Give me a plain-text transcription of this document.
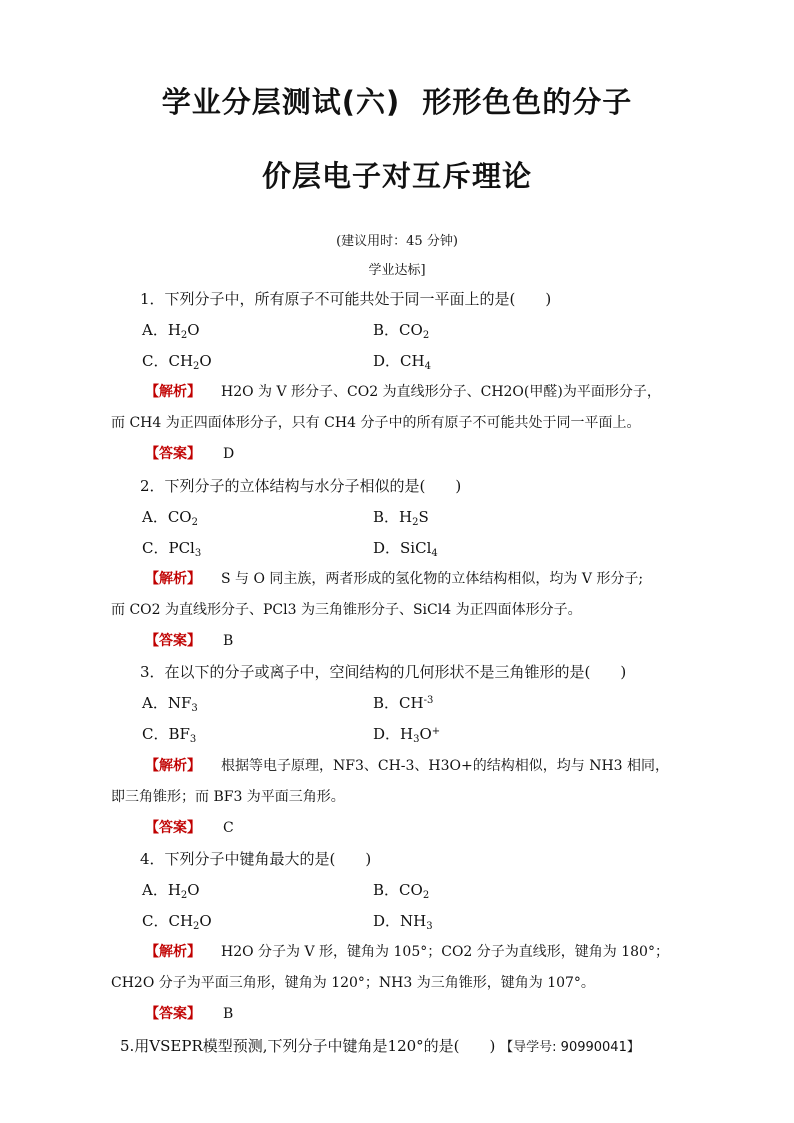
学业分层测试(六) 形形色色的分子
价层电子对互斥理论
(建议用时：45 分钟)
学业达标]
1．下列分子中，所有原子不可能共处于同一平面上的是(　　)
A．$H_2O$	B．$CO_2$
C．$CH_2O$	D．$CH_4$
【解析】 H2O 为 V 形分子、CO2 为直线形分子、CH2O(甲醛)为平面形分子，
而 CH4 为正四面体形分子，只有 CH4 分子中的所有原子不可能共处于同一平面上。
【答案】 D
2．下列分子的立体结构与水分子相似的是(　　)
A．$CO_2$	B．$H_2S$
C．PCl$_3$	D．SiCl$_4$
【解析】 S 与 O 同主族，两者形成的氢化物的立体结构相似，均为 V 形分子;
而 CO2 为直线形分子、PCl3 为三角锥形分子、SiCl4 为正四面体形分子。
【答案】 B
3．在以下的分子或离子中，空间结构的几何形状不是三角锥形的是(　　)
A．$NF_3$	B．$CH^{-3}$
C．$BF_3$	D．$H_3O^+$
【解析】 根据等电子原理，NF3、CH-3、H3O+的结构相似，均与 NH3 相同，
即三角锥形；而 BF3 为平面三角形。
【答案】 C
4．下列分子中键角最大的是(　　)
A．$H_2O$	B．$CO_2$
C．$CH_2O$	D．$NH_3$
【解析】 H2O 分子为 V 形，键角为 105°；CO2 分子为直线形，键角为 180°；
CH2O 分子为平面三角形，键角为 120°；NH3 为三角锥形，键角为 107°。
【答案】 B
5.用VSEPR模型预测,下列分子中键角是120°的是(　　) 【导学号: 90990041】
